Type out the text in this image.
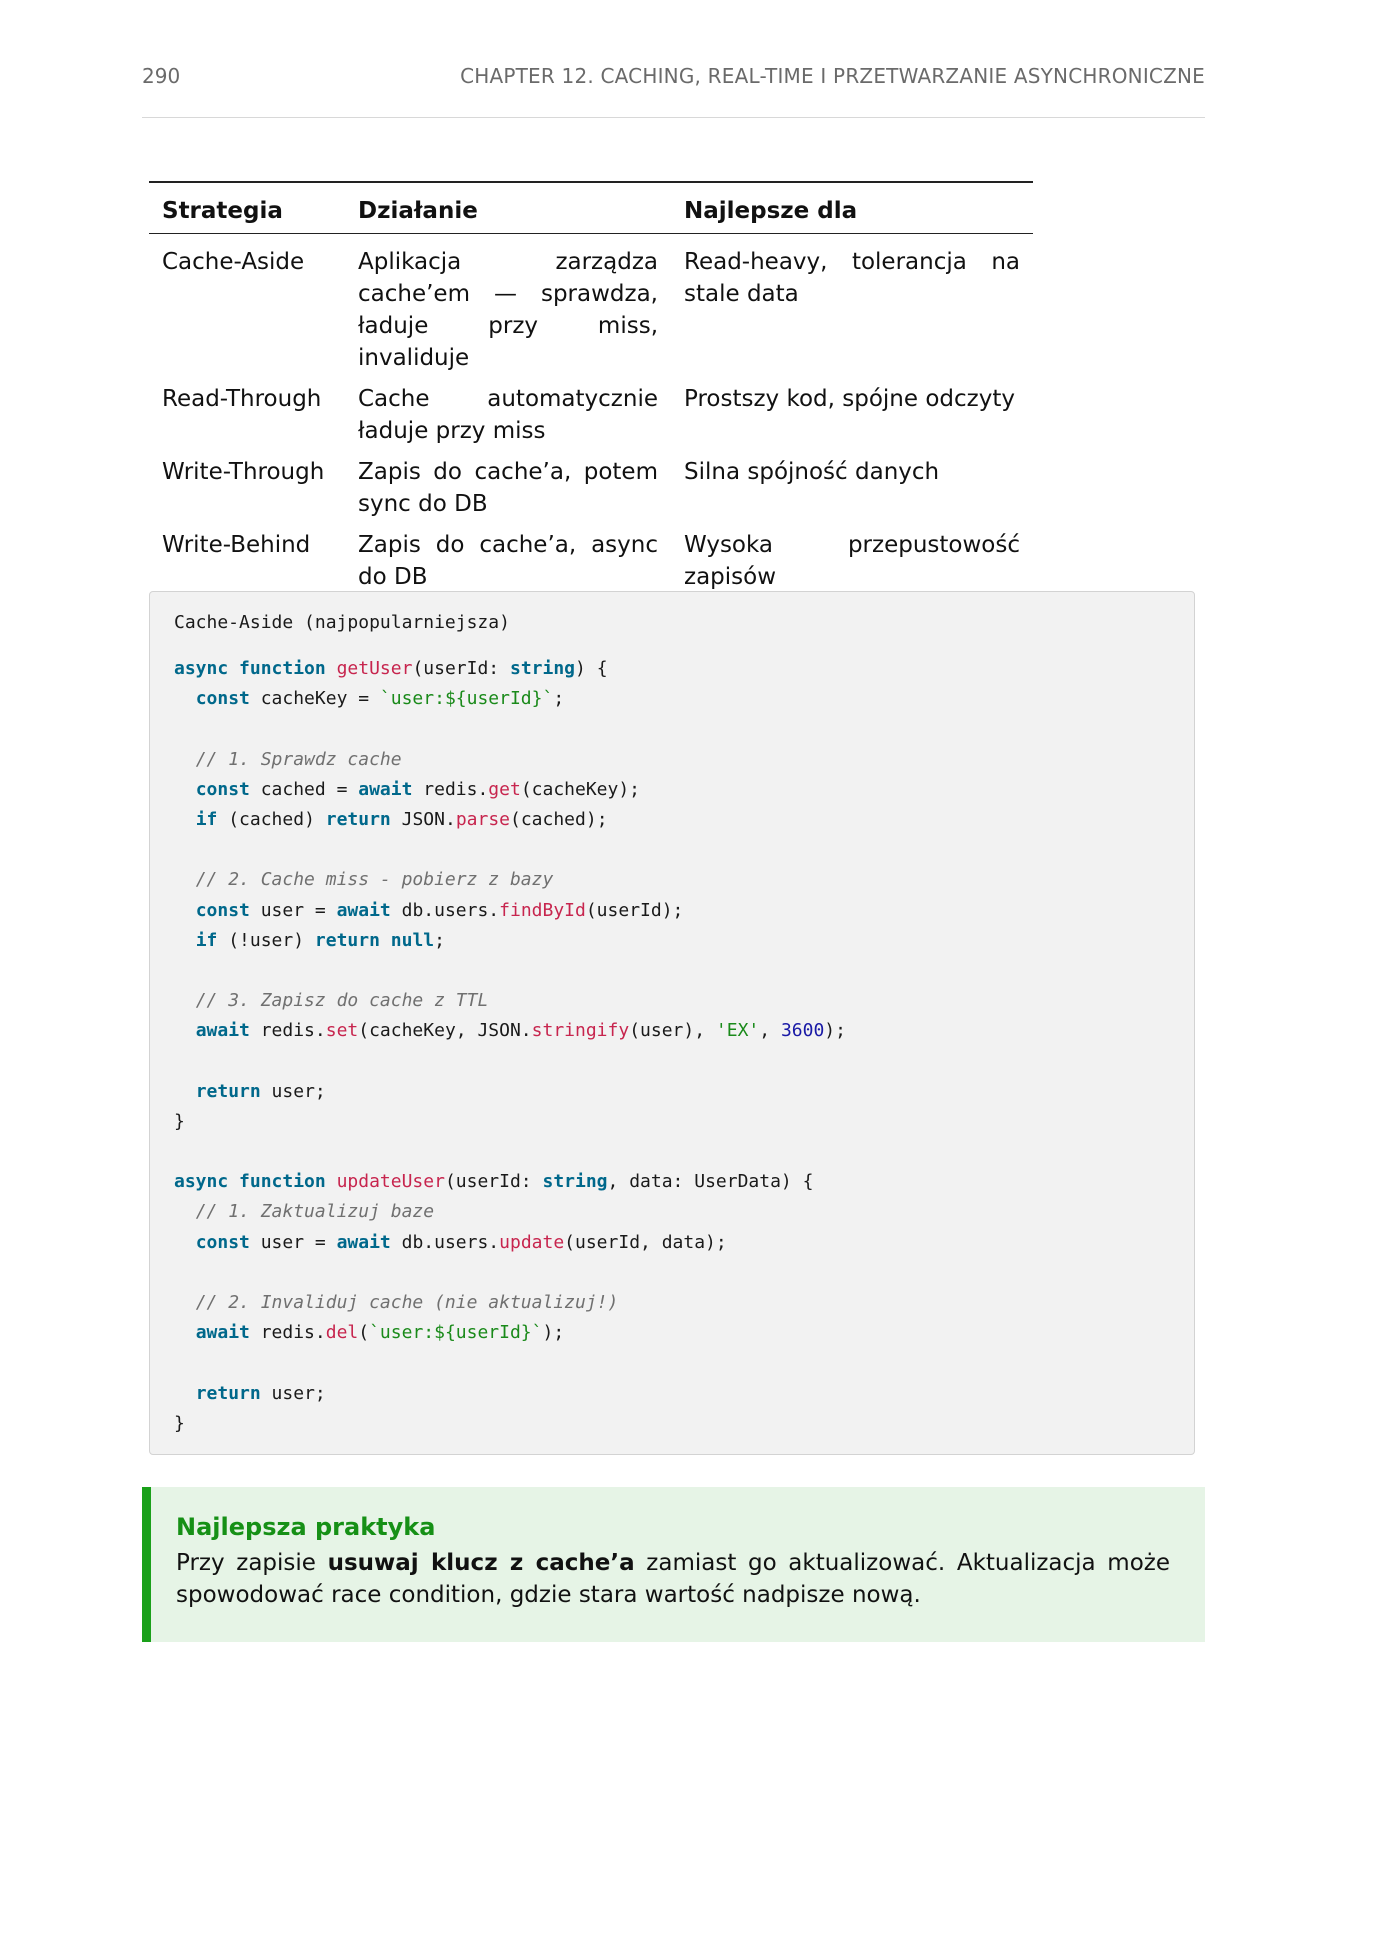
290	CHAPTER 12. CACHING, REAL-TIME I PRZETWARZANIE ASYNCHRONICZNE
Strategia	Działanie	Najlepsze dla
Cache-Aside	Aplikacja zarządza cache’em — sprawdza, ładuje przy miss, invaliduje	Read-heavy, tolerancja na stale data
Read-Through	Cache automatycznie ładuje przy miss	Prostszy kod, spójne odczyty
Write-Through	Zapis do cache’a, potem sync do DB	Silna spójność danych
Write-Behind	Zapis do cache’a, async do DB	Wysoka przepustowość zapisów
Cache-Aside (najpopularniejsza)
async function getUser(userId: string) {
const cacheKey = `user:${userId}`;
// 1. Sprawdz cache
const cached = await redis.get(cacheKey);
if (cached) return JSON.parse(cached);
// 2. Cache miss - pobierz z bazy
const user = await db.users.findById(userId);
if (!user) return null;
// 3. Zapisz do cache z TTL
await redis.set(cacheKey, JSON.stringify(user), 'EX', 3600);
return user;
}
async function updateUser(userId: string, data: UserData) {
// 1. Zaktualizuj baze
const user = await db.users.update(userId, data);
// 2. Invaliduj cache (nie aktualizuj!)
await redis.del(`user:${userId}`);
return user;
}
Najlepsza praktyka
Przy zapisie usuwaj klucz z cache’a zamiast go aktualizować. Aktualizacja może spowodować race condition, gdzie stara wartość nadpisze nową.
